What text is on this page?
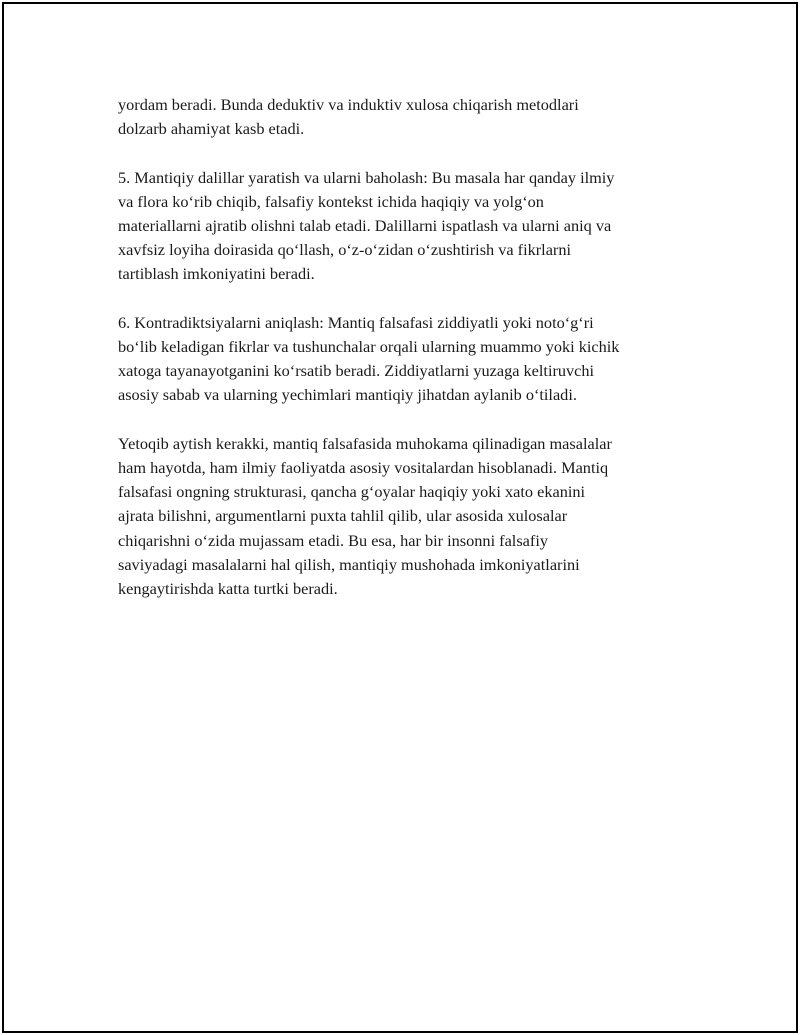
yordam beradi. Bunda deduktiv va induktiv xulosa chiqarish metodlari
dolzarb ahamiyat kasb etadi.

5. Mantiqiy dalillar yaratish va ularni baholash: Bu masala har qanday ilmiy
va flora ko‘rib chiqib, falsafiy kontekst ichida haqiqiy va yolg‘on
materiallarni ajratib olishni talab etadi. Dalillarni ispatlash va ularni aniq va
xavfsiz loyiha doirasida qo‘llash, o‘z-o‘zidan o‘zushtirish va fikrlarni
tartiblash imkoniyatini beradi.

6. Kontradiktsiyalarni aniqlash: Mantiq falsafasi ziddiyatli yoki noto‘g‘ri
bo‘lib keladigan fikrlar va tushunchalar orqali ularning muammo yoki kichik
xatoga tayanayotganini ko‘rsatib beradi. Ziddiyatlarni yuzaga keltiruvchi
asosiy sabab va ularning yechimlari mantiqiy jihatdan aylanib o‘tiladi.

Yetoqib aytish kerakki, mantiq falsafasida muhokama qilinadigan masalalar
ham hayotda, ham ilmiy faoliyatda asosiy vositalardan hisoblanadi. Mantiq
falsafasi ongning strukturasi, qancha g‘oyalar haqiqiy yoki xato ekanini
ajrata bilishni, argumentlarni puxta tahlil qilib, ular asosida xulosalar
chiqarishni o‘zida mujassam etadi. Bu esa, har bir insonni falsafiy
saviyadagi masalalarni hal qilish, mantiqiy mushohada imkoniyatlarini
kengaytirishda katta turtki beradi.
